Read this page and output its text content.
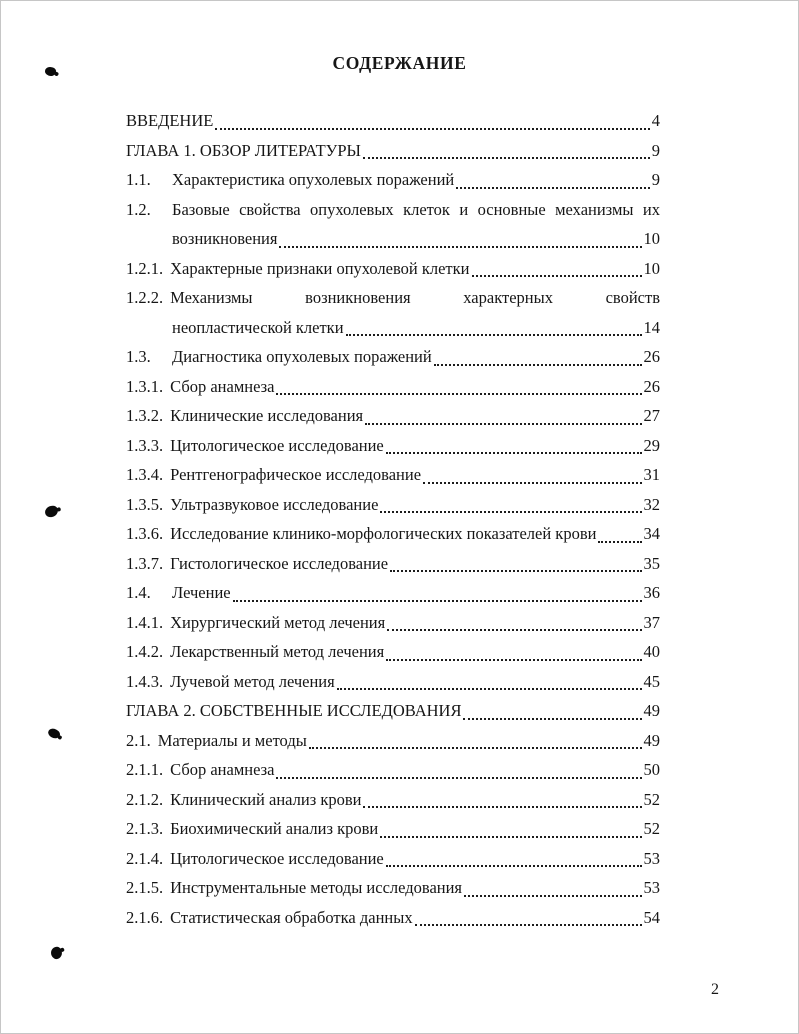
СОДЕРЖАНИЕ
ВВЕДЕНИЕ	4
ГЛАВА 1. ОБЗОР ЛИТЕРАТУРЫ	9
1.1.	Характеристика опухолевых поражений	9
1.2.	Базовые свойства опухолевых клеток и основные механизмы их
возникновения	10
1.2.1. Характерные признаки опухолевой клетки	10
1.2.2. Механизмы возникновения характерных свойств
неопластической клетки	14
1.3.	Диагностика опухолевых поражений	26
1.3.1. Сбор анамнеза	26
1.3.2. Клинические исследования	27
1.3.3. Цитологическое исследование	29
1.3.4. Рентгенографическое исследование	31
1.3.5. Ультразвуковое исследование	32
1.3.6. Исследование клинико-морфологических показателей крови	34
1.3.7. Гистологическое исследование	35
1.4.	Лечение	36
1.4.1. Хирургический метод лечения	37
1.4.2. Лекарственный метод лечения	40
1.4.3. Лучевой метод лечения	45
ГЛАВА 2. СОБСТВЕННЫЕ ИССЛЕДОВАНИЯ	49
2.1. Материалы и методы	49
2.1.1. Сбор анамнеза	50
2.1.2. Клинический анализ крови	52
2.1.3. Биохимический анализ крови	52
2.1.4. Цитологическое исследование	53
2.1.5. Инструментальные методы исследования	53
2.1.6. Статистическая обработка данных	54
2
